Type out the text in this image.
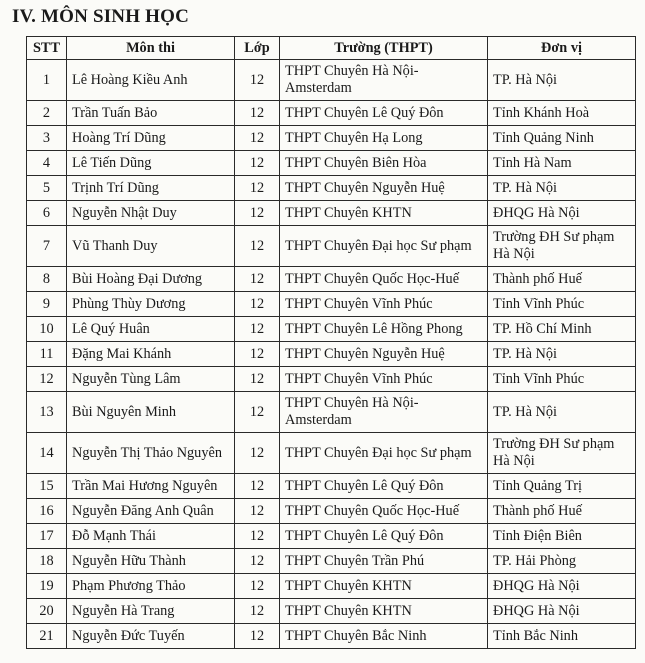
IV. MÔN SINH HỌC
STT	Môn thi	Lớp	Trường (THPT)	Đơn vị
1	Lê Hoàng Kiều Anh	12	THPT Chuyên Hà Nội-Amsterdam	TP. Hà Nội
2	Trần Tuấn Bảo	12	THPT Chuyên Lê Quý Đôn	Tỉnh Khánh Hoà
3	Hoàng Trí Dũng	12	THPT Chuyên Hạ Long	Tỉnh Quảng Ninh
4	Lê Tiến Dũng	12	THPT Chuyên Biên Hòa	Tỉnh Hà Nam
5	Trịnh Trí Dũng	12	THPT Chuyên Nguyễn Huệ	TP. Hà Nội
6	Nguyễn Nhật Duy	12	THPT Chuyên KHTN	ĐHQG Hà Nội
7	Vũ Thanh Duy	12	THPT Chuyên Đại học Sư phạm	Trường ĐH Sư phạm Hà Nội
8	Bùi Hoàng Đại Dương	12	THPT Chuyên Quốc Học-Huế	Thành phố Huế
9	Phùng Thùy Dương	12	THPT Chuyên Vĩnh Phúc	Tỉnh Vĩnh Phúc
10	Lê Quý Huân	12	THPT Chuyên Lê Hồng Phong	TP. Hồ Chí Minh
11	Đặng Mai Khánh	12	THPT Chuyên Nguyễn Huệ	TP. Hà Nội
12	Nguyễn Tùng Lâm	12	THPT Chuyên Vĩnh Phúc	Tỉnh Vĩnh Phúc
13	Bùi Nguyên Minh	12	THPT Chuyên Hà Nội-Amsterdam	TP. Hà Nội
14	Nguyễn Thị Thảo Nguyên	12	THPT Chuyên Đại học Sư phạm	Trường ĐH Sư phạm Hà Nội
15	Trần Mai Hương Nguyên	12	THPT Chuyên Lê Quý Đôn	Tỉnh Quảng Trị
16	Nguyễn Đăng Anh Quân	12	THPT Chuyên Quốc Học-Huế	Thành phố Huế
17	Đỗ Mạnh Thái	12	THPT Chuyên Lê Quý Đôn	Tỉnh Điện Biên
18	Nguyễn Hữu Thành	12	THPT Chuyên Trần Phú	TP. Hải Phòng
19	Phạm Phương Thảo	12	THPT Chuyên KHTN	ĐHQG Hà Nội
20	Nguyễn Hà Trang	12	THPT Chuyên KHTN	ĐHQG Hà Nội
21	Nguyễn Đức Tuyến	12	THPT Chuyên Bắc Ninh	Tỉnh Bắc Ninh
